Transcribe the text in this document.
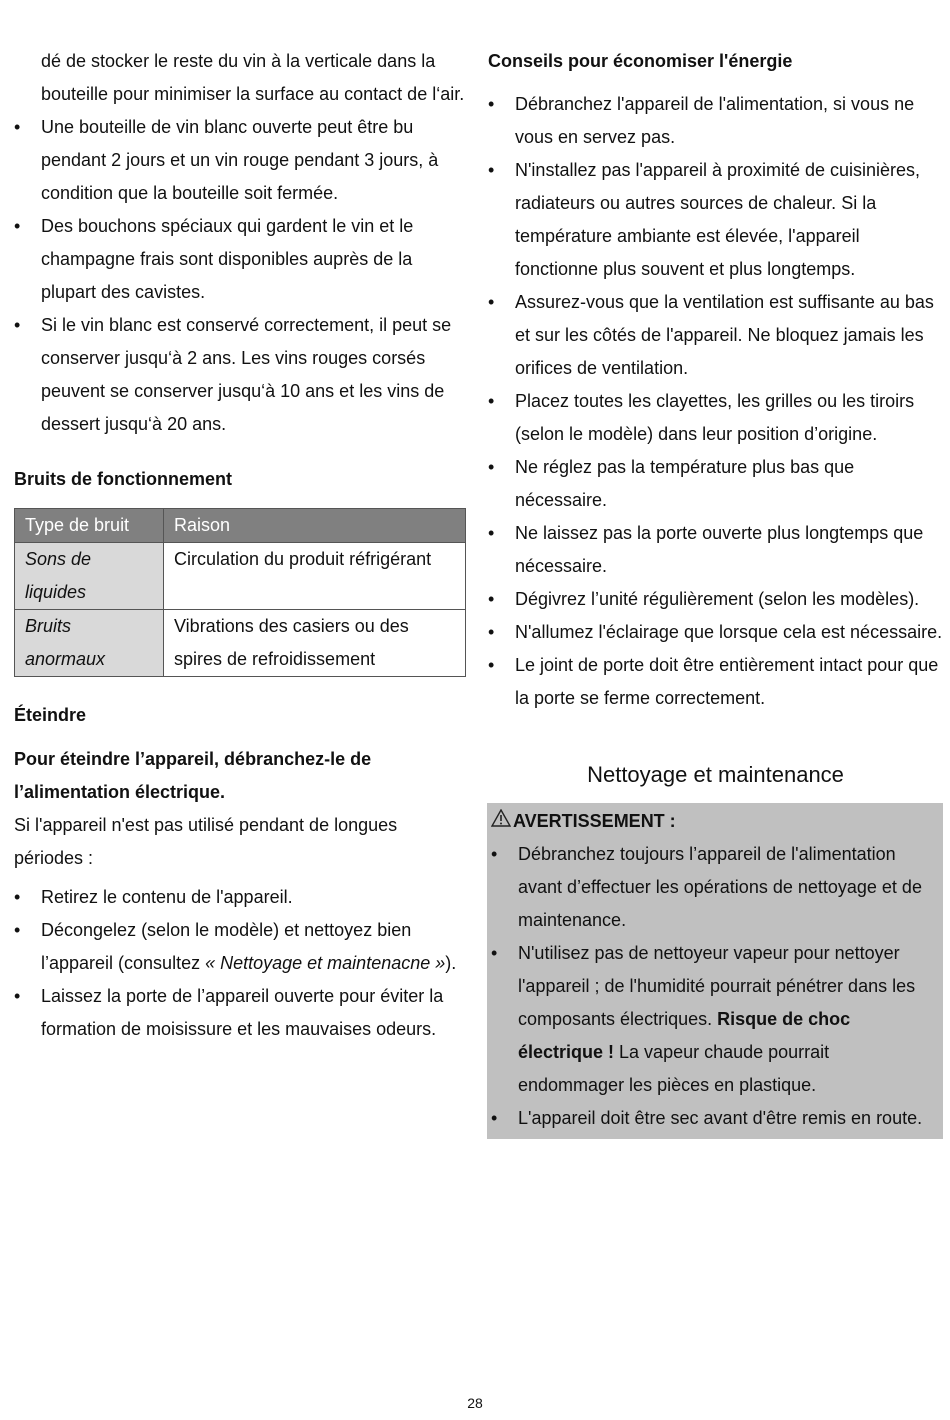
dé de stocker le reste du vin à la verticale dans la bouteille pour minimiser la surface au contact de l‘air.

• Une bouteille de vin blanc ouverte peut être bu pendant 2 jours et un vin rouge pendant 3 jours, à condition que la bouteille soit fermée.
• Des bouchons spéciaux qui gardent le vin et le champagne frais sont disponibles auprès de la plupart des cavistes.
• Si le vin blanc est conservé correctement, il peut se conserver jusqu‘à 2 ans. Les vins rouges corsés peuvent se conserver jusqu‘à 10 ans et les vins de dessert jusqu‘à 20 ans.

Bruits de fonctionnement

Type de bruit	Raison
Sons de liquides	Circulation du produit réfrigérant
Bruits anormaux	Vibrations des casiers ou des spires de refroidissement

Éteindre

Pour éteindre l’appareil, débranchez-le de l’alimentation électrique.

Si l'appareil n'est pas utilisé pendant de longues périodes :

• Retirez le contenu de l'appareil.
• Décongelez (selon le modèle) et nettoyez bien l’appareil (consultez « Nettoyage et maintenacne »).
• Laissez la porte de l’appareil ouverte pour éviter la formation de moisissure et les mauvaises odeurs.

Conseils pour économiser l'énergie

• Débranchez l'appareil de l'alimentation, si vous ne vous en servez pas.
• N'installez pas l'appareil à proximité de cuisinières, radiateurs ou autres sources de chaleur. Si la température ambiante est élevée, l'appareil fonctionne plus souvent et plus longtemps.
• Assurez-vous que la ventilation est suffisante au bas et sur les côtés de l'appareil. Ne bloquez jamais les orifices de ventilation.
• Placez toutes les clayettes, les grilles ou les tiroirs (selon le modèle) dans leur position d’origine.
• Ne réglez pas la température plus bas que nécessaire.
• Ne laissez pas la porte ouverte plus longtemps que nécessaire.
• Dégivrez l’unité régulièrement (selon les modèles).
• N'allumez l'éclairage que lorsque cela est nécessaire.
• Le joint de porte doit être entièrement intact pour que la porte se ferme correctement.

Nettoyage et maintenance

AVERTISSEMENT :
• Débranchez toujours l’appareil de l'alimentation avant d’effectuer les opérations de nettoyage et de maintenance.
• N'utilisez pas de nettoyeur vapeur pour nettoyer l'appareil ; de l'humidité pourrait pénétrer dans les composants électriques. Risque de choc électrique ! La vapeur chaude pourrait endommager les pièces en plastique.
• L'appareil doit être sec avant d'être remis en route.
28
